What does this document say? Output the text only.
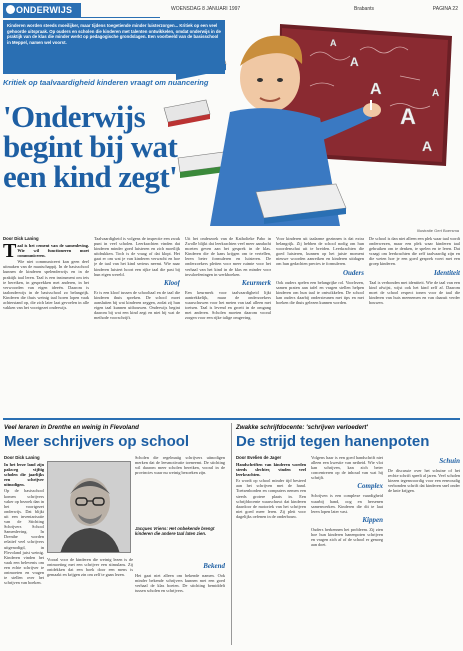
ONDERWIJS	WOENSDAG 8 JANUARI 1997	Brabants	PAGINA 22
A
A
A
A
A
A
Illustratie Gert Boersma
Kinderen worden steeds moeilijker, maar tijdens toegetiende minder luisterzorgen... Kritiek op een veel gehoorde uitspraak. Op ouders en scholen die kinderen met talenten ontwikkelen, omdat onderwijs in de praktijk van de klas die minder werkt op pedagogische grondslagen. Een voorbeeld van de basisschool in Meppel, namen wel voorst.
Kritiek op taalvaardigheid kinderen vraagt om nuancering
'Onderwijs begint bij wat een kind zegt'
Door Dick Laning
T aal is het cement van de samenleving. Wie wil functioneren moet communiceren.

Wie niet communiceert kan geen deel uitmaken van de maatschappij. In de basisschool kunnen de kinderen spelenderwijs en in de praktijk taal leren. Taal is een instrument om iets te bereiken, in gesprekken met anderen, in het verwoorden van eigen ideeën. Daarom is taalonderwijs in de basisschool zo belangrijk. Kinderen die thuis weinig taal horen lopen vaak achterstand op, die zich later laat gevoelen in alle vakken van het voortgezet onderwijs.

Taalvaardigheid is volgens de inspectie een zwak punt in veel scholen. Leerkrachten vinden dat kinderen minder goed luisteren en zich moeilijk uitdrukken. Toch is de vraag of dat klopt. Het gaat er om wat je van kinderen verwacht en hoe je de taal van het kind serieus neemt. Wie naar kinderen luistert hoort een rijke taal die past bij hun eigen wereld.

Kloof

Er is een kloof tussen de schooltaal en de taal die kinderen thuis spreken. De school moet aansluiten bij wat kinderen zeggen, zodat zij hun eigen taal kunnen uitbouwen. Onderwijs begint daarom bij wat een kind zegt en niet bij wat de methode voorschrijft.

Uit het onderzoek van de Katholieke Pabo in Zwolle blijkt dat leerkrachten veel meer aandacht moeten geven aan het gesprek in de klas. Kinderen die de kans krijgen om te vertellen, leren beter formuleren en luisteren. De onderzoekers pleiten voor meer ruimte voor het verhaal van het kind in de klas en minder voor invuloefeningen in werkboeken.

Keurmerk

Een keurmerk voor taalvaardigheid lijkt aantrekkelijk, maar de onderzoekers waarschuwen voor het meten van taal alleen met toetsen. Taal is levend en groeit in de omgang met anderen. Scholen moeten daarom vooral zorgen voor een rijke talige omgeving.

Voor kinderen uit taalarme gezinnen is dat extra belangrijk. Zij hebben de school nodig om hun woordenschat uit te breiden. Leerkrachten die goed luisteren, kunnen op het juiste moment nieuwe woorden aanreiken en kinderen uitdagen om hun gedachten precies te formuleren.

Ouders

Ook ouders spelen een belangrijke rol. Voorlezen, samen praten aan tafel en vragen stellen helpen kinderen om hun taal te ontwikkelen. De school kan ouders daarbij ondersteunen met tips en met boeken die thuis gelezen kunnen worden.

De school is dan niet alleen een plek waar taal wordt onderwezen, maar een plek waar kinderen taal gebruiken om te denken, te spelen en te leren. Dat vraagt om leerkrachten die zelf taalvaardig zijn en die weten hoe je een goed gesprek voert met een groep kinderen.

Identiteit

Taal is verbonden met identiteit. Wie de taal van een kind afwijst, wijst ook het kind zelf af. Daarom moet de school respect tonen voor de taal die kinderen van huis meenemen en van daaruit verder bouwen.

Veel leraren in Drenthe en weinig in Flevoland
Meer schrijvers op school
Door Dick Laning

In het lerze land zijn pakweg vijftig scholen die jaarlijks een schrijver uitnodigen.

Op de basisschool komen schrijvers vaker op bezoek dan in het voortgezet onderwijs. Dat blijkt uit een inventarisatie van de Stichting Schrijvers School Samenleving. In Drenthe worden relatief veel schrijvers uitgenodigd, in Flevoland juist weinig. Kinderen vinden het vaak een belevenis om een echte schrijver te ontmoeten en vragen te stellen over het schrijven van boeken.

Vooral voor de kinderen die weinig lezen is de ontmoeting met een schrijver een stimulans. Zij ontdekken dat een boek door een mens is gemaakt en krijgen zin om zelf te gaan lezen.

Jacques Vriens: Het onbekende brengt kinderen die andere taal laten zien.

Scholen die regelmatig schrijvers uitnodigen merken dat de leesmotivatie toeneemt. De stichting wil daarom meer scholen bereiken, vooral in de provincies waar nu weinig bezoeken zijn.

Bekend

Het gaat niet alleen om bekende namen. Ook minder bekende schrijvers kunnen met een goed verhaal de klas boeien. De stichting bemiddelt tussen scholen en schrijvers.

Zwakke schrijfdocente: 'schrijven verloedert'
De strijd tegen hanenpoten
Door Evelien de Jager

Handschriften van kinderen worden steeds slechter, vinden veel leerkrachten.

Er wordt op school minder tijd besteed aan het schrijven met de hand. Toetsenborden en computers nemen een steeds grotere plaats in. Een schrijfdocente waarschuwt dat kinderen daardoor de motoriek van het schrijven niet goed meer leren. Zij pleit voor dagelijks oefenen in de onderbouw.

Volgens haar is een goed handschrift niet alleen een kwestie van netheid. Wie vlot kan schrijven, kan zich beter concentreren op de inhoud van wat hij schrijft.

Complex

Schrijven is een complexe vaardigheid waarbij hand, oog en hersenen samenwerken. Kinderen die dit te laat leren lopen later vast.

Kippen

Ouders herkennen het probleem. Zij zien hoe hun kinderen hanenpoten schrijven en vragen zich af of de school er genoeg aan doet.

Schuin

De discussie over het schuine of het rechte schrift speelt al jaren. Veel scholen kiezen tegenwoordig voor een eenvoudig verbonden schrift dat kinderen snel onder de knie krijgen.
